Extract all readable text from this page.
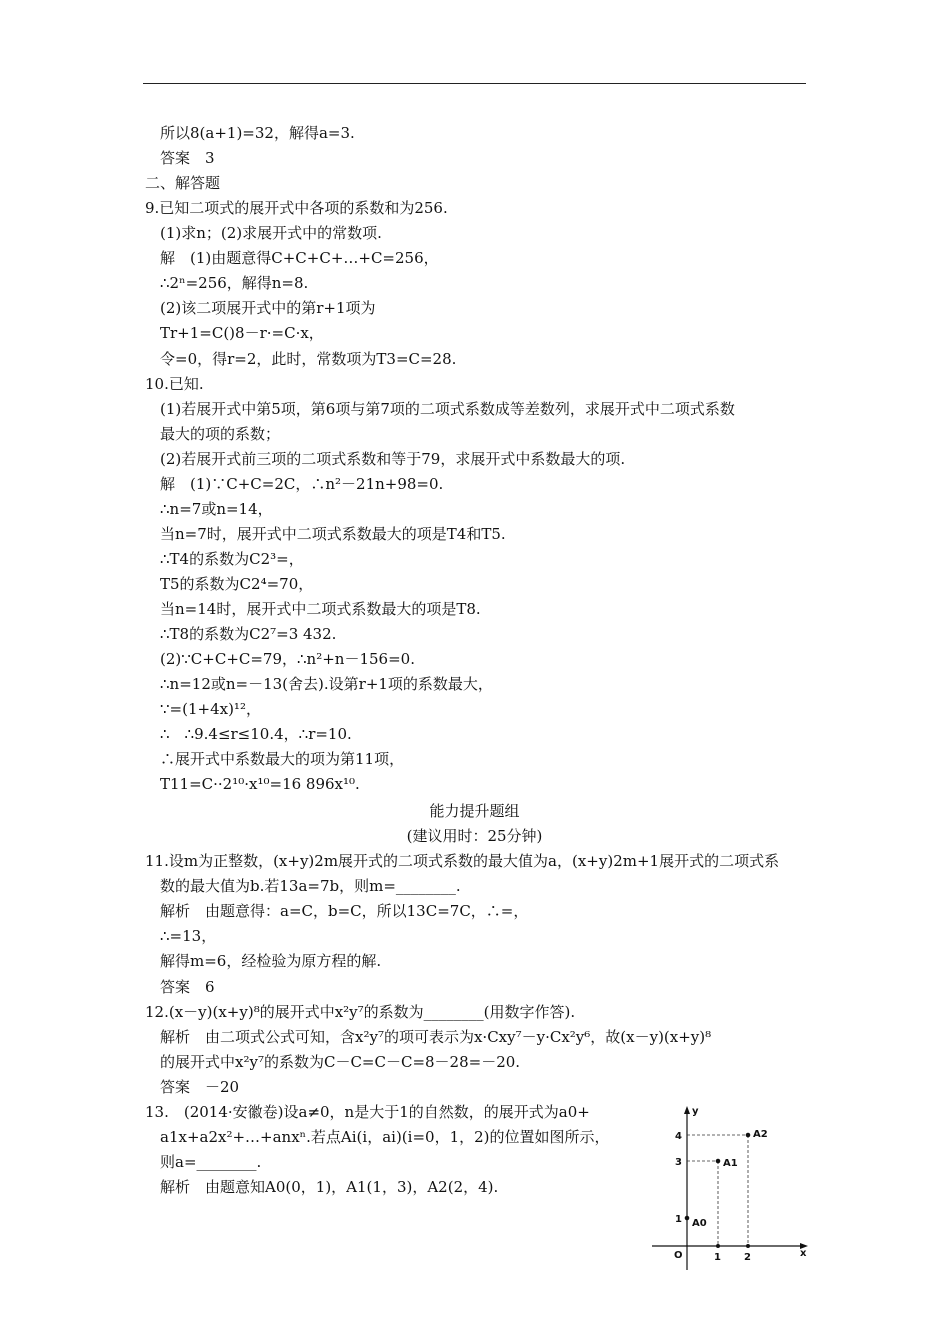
所以8(a+1)=32，解得a=3.
答案　3
二、解答题
9.已知二项式的展开式中各项的系数和为256.
(1)求n；(2)求展开式中的常数项.
解　(1)由题意得C+C+C+…+C=256，
∴2ⁿ=256，解得n=8.
(2)该二项展开式中的第r+1项为
Tr+1=C()8－r·=C·x，
令=0，得r=2，此时，常数项为T3=C=28.
10.已知.
(1)若展开式中第5项，第6项与第7项的二项式系数成等差数列，求展开式中二项式系数
最大的项的系数；
(2)若展开式前三项的二项式系数和等于79，求展开式中系数最大的项.
解　(1)∵C+C=2C，∴n²－21n+98=0.
∴n=7或n=14，
当n=7时，展开式中二项式系数最大的项是T4和T5.
∴T4的系数为C2³=，
T5的系数为C2⁴=70，
当n=14时，展开式中二项式系数最大的项是T8.
∴T8的系数为C2⁷=3 432.
(2)∵C+C+C=79，∴n²+n－156=0.
∴n=12或n=－13(舍去).设第r+1项的系数最大，
∵=(1+4x)¹²，
∴　∴9.4≤r≤10.4，∴r=10.
∴展开式中系数最大的项为第11项，
T11=C··2¹⁰·x¹⁰=16 896x¹⁰.
能力提升题组
(建议用时：25分钟)
11.设m为正整数，(x+y)2m展开式的二项式系数的最大值为a，(x+y)2m+1展开式的二项式系
数的最大值为b.若13a=7b，则m=________.
解析　由题意得：a=C，b=C，所以13C=7C，∴=，
∴=13，
解得m=6，经检验为原方程的解.
答案　6
12.(x－y)(x+y)⁸的展开式中x²y⁷的系数为________(用数字作答).
解析　由二项式公式可知，含x²y⁷的项可表示为x·Cxy⁷－y·Cx²y⁶，故(x－y)(x+y)⁸
的展开式中x²y⁷的系数为C－C=C－C=8－28=－20.
答案　－20
13.　(2014·安徽卷)设a≠0，n是大于1的自然数，的展开式为a0+
a1x+a2x²+…+anxⁿ.若点Ai(i，ai)(i=0，1，2)的位置如图所示，
则a=________.
解析　由题意知A0(0，1)，A1(1，3)，A2(2，4).
x
y
O	1 2
1
3
4
A0
A1
A2
